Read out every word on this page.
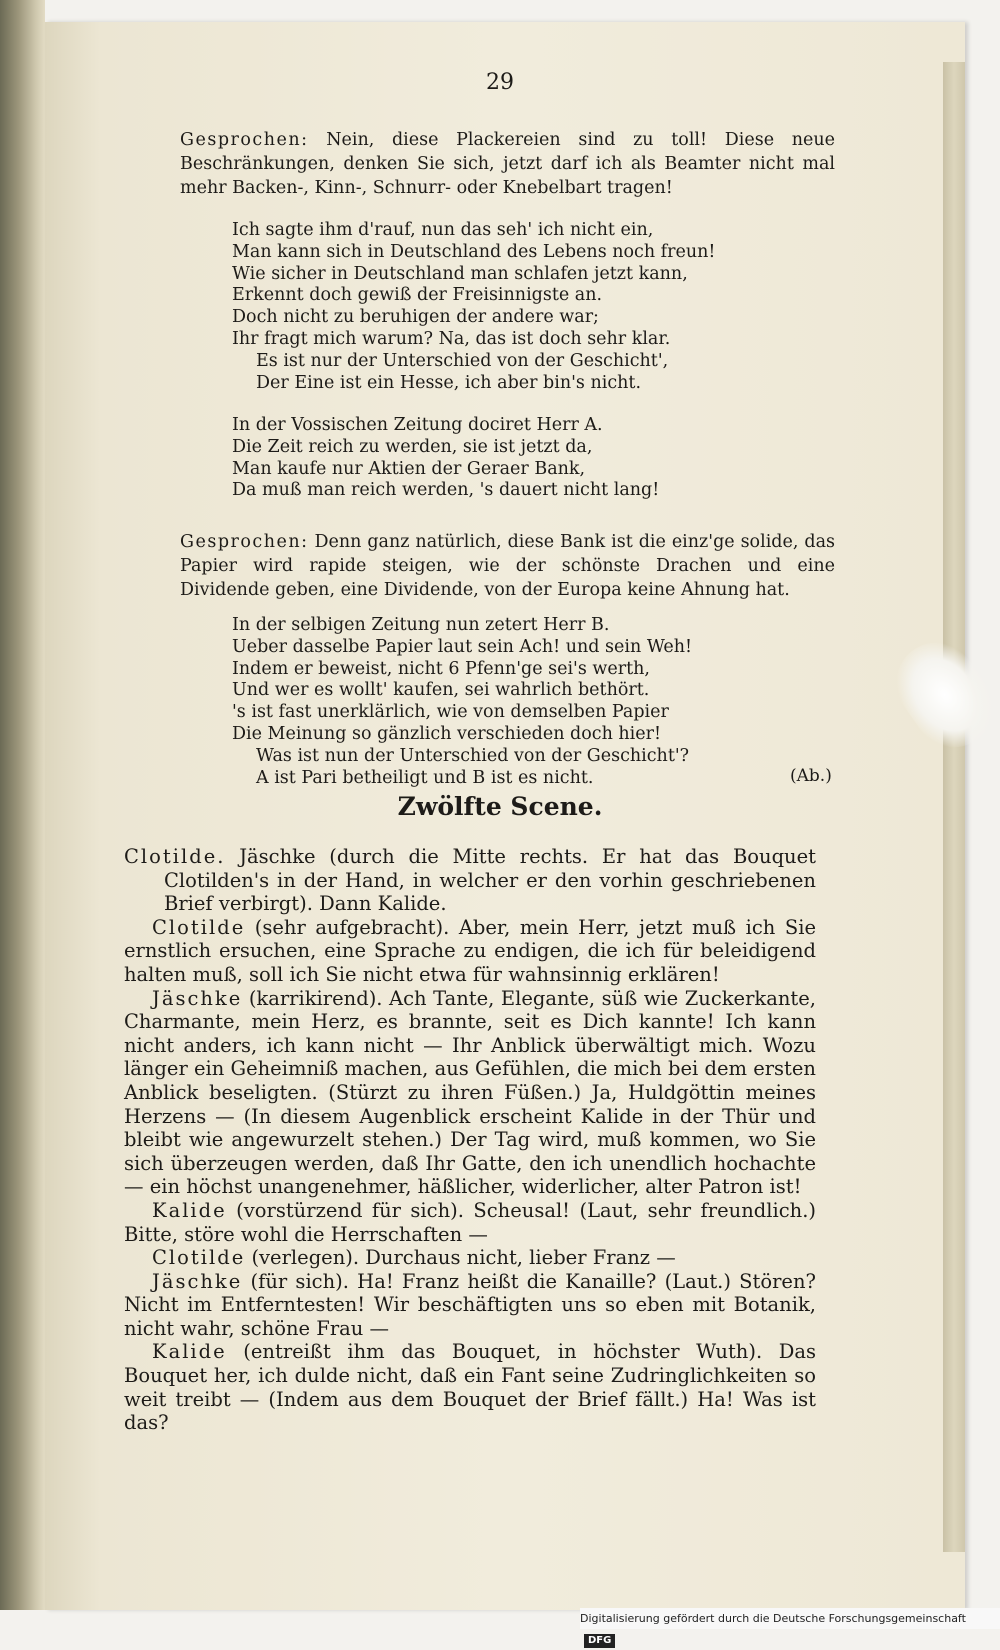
29
Gesprochen: Nein, diese Plackereien sind zu toll! Diese neue Beschränkungen, denken Sie sich, jetzt darf ich als Beamter nicht mal mehr Backen-, Kinn-, Schnurr- oder Knebelbart tragen!
Ich sagte ihm d'rauf, nun das seh' ich nicht ein,
Man kann sich in Deutschland des Lebens noch freun!
Wie sicher in Deutschland man schlafen jetzt kann,
Erkennt doch gewiß der Freisinnigste an.
Doch nicht zu beruhigen der andere war;
Ihr fragt mich warum? Na, das ist doch sehr klar.
Es ist nur der Unterschied von der Geschicht',
Der Eine ist ein Hesse, ich aber bin's nicht.
In der Vossischen Zeitung dociret Herr A.
Die Zeit reich zu werden, sie ist jetzt da,
Man kaufe nur Aktien der Geraer Bank,
Da muß man reich werden, 's dauert nicht lang!
Gesprochen: Denn ganz natürlich, diese Bank ist die einz'ge solide, das Papier wird rapide steigen, wie der schönste Drachen und eine Dividende geben, eine Dividende, von der Europa keine Ahnung hat.
In der selbigen Zeitung nun zetert Herr B.
Ueber dasselbe Papier laut sein Ach! und sein Weh!
Indem er beweist, nicht 6 Pfenn'ge sei's werth,
Und wer es wollt' kaufen, sei wahrlich bethört.
's ist fast unerklärlich, wie von demselben Papier
Die Meinung so gänzlich verschieden doch hier!
Was ist nun der Unterschied von der Geschicht'?
A ist Pari betheiligt und B ist es nicht.	(Ab.)
Zwölfte Scene.

Clotilde. Jäschke (durch die Mitte rechts. Er hat das Bouquet Clotilden's in der Hand, in welcher er den vorhin geschriebenen Brief verbirgt). Dann Kalide.

Clotilde (sehr aufgebracht). Aber, mein Herr, jetzt muß ich Sie ernstlich ersuchen, eine Sprache zu endigen, die ich für beleidigend halten muß, soll ich Sie nicht etwa für wahnsinnig erklären!

Jäschke (karrikirend). Ach Tante, Elegante, süß wie Zuckerkante, Charmante, mein Herz, es brannte, seit es Dich kannte! Ich kann nicht anders, ich kann nicht — Ihr Anblick überwältigt mich. Wozu länger ein Geheimniß machen, aus Gefühlen, die mich bei dem ersten Anblick beseligten. (Stürzt zu ihren Füßen.) Ja, Huldgöttin meines Herzens — (In diesem Augenblick erscheint Kalide in der Thür und bleibt wie angewurzelt stehen.) Der Tag wird, muß kommen, wo Sie sich überzeugen werden, daß Ihr Gatte, den ich unendlich hochachte — ein höchst unangenehmer, häßlicher, widerlicher, alter Patron ist!

Kalide (vorstürzend für sich). Scheusal! (Laut, sehr freundlich.) Bitte, störe wohl die Herrschaften —

Clotilde (verlegen). Durchaus nicht, lieber Franz —

Jäschke (für sich). Ha! Franz heißt die Kanaille? (Laut.) Stören? Nicht im Entferntesten! Wir beschäftigten uns so eben mit Botanik, nicht wahr, schöne Frau —

Kalide (entreißt ihm das Bouquet, in höchster Wuth). Das Bouquet her, ich dulde nicht, daß ein Fant seine Zudringlichkeiten so weit treibt — (Indem aus dem Bouquet der Brief fällt.) Ha! Was ist das?

Digitalisierung gefördert durch die Deutsche Forschungsgemeinschaft DFG
